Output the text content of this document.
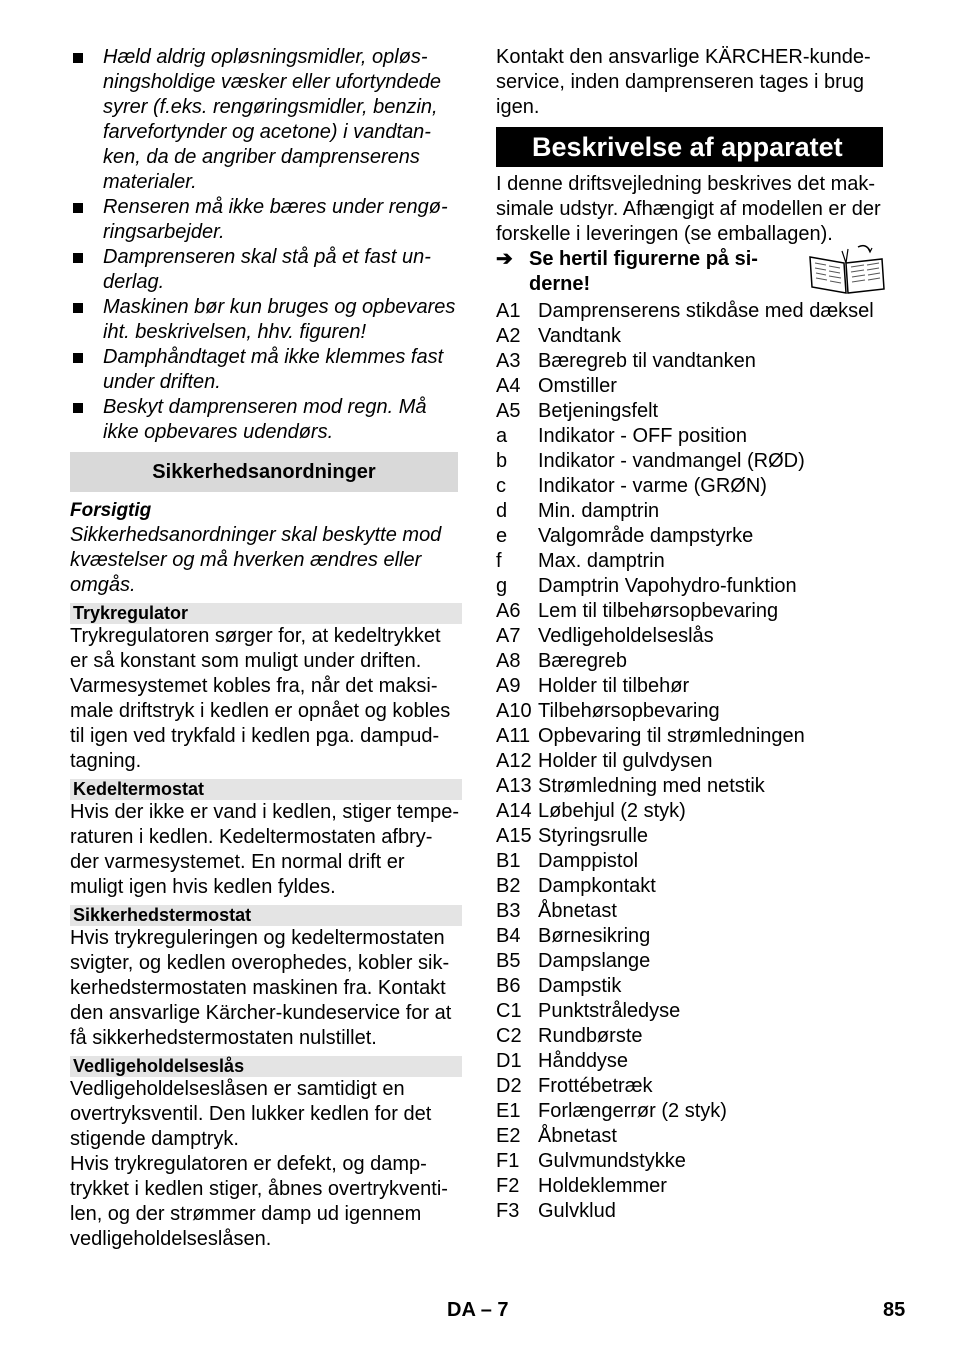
Hæld aldrig opløsningsmidler, opløs-
ningsholdige væsker eller ufortyndede
syrer (f.eks. rengøringsmidler, benzin,
farvefortynder og acetone) i vandtan-
ken, da de angriber damprenserens
materialer.
Renseren må ikke bæres under rengø-
ringsarbejder.
Damprenseren skal stå på et fast un-
derlag.
Maskinen bør kun bruges og opbevares
iht. beskrivelsen, hhv. figuren!
Damphåndtaget må ikke klemmes fast
under driften.
Beskyt damprenseren mod regn. Må
ikke opbevares udendørs.
Sikkerhedsanordninger
Forsigtig
Sikkerhedsanordninger skal beskytte mod
kvæstelser og må hverken ændres eller
omgås.
Trykregulator
Trykregulatoren sørger for, at kedeltrykket
er så konstant som muligt under driften.
Varmesystemet kobles fra, når det maksi-
male driftstryk i kedlen er opnået og kobles
til igen ved trykfald i kedlen pga. dampud-
tagning.
Kedeltermostat
Hvis der ikke er vand i kedlen, stiger tempe-
raturen i kedlen. Kedeltermostaten afbry-
der varmesystemet. En normal drift er
muligt igen hvis kedlen fyldes.
Sikkerhedstermostat
Hvis trykreguleringen og kedeltermostaten
svigter, og kedlen overophedes, kobler sik-
kerhedstermostaten maskinen fra. Kontakt
den ansvarlige Kärcher-kundeservice for at
få sikkerhedstermostaten nulstillet.
Vedligeholdelseslås
Vedligeholdelseslåsen er samtidigt en
overtryksventil. Den lukker kedlen for det
stigende damptryk.
Hvis trykregulatoren er defekt, og damp-
trykket i kedlen stiger, åbnes overtrykventi-
len, og der strømmer damp ud igennem
vedligeholdelseslåsen.
Kontakt den ansvarlige KÄRCHER-kunde-
service, inden damprenseren tages i brug
igen.
Beskrivelse af apparatet
I denne driftsvejledning beskrives det mak-
simale udstyr. Afhængigt af modellen er der
forskelle i leveringen (se emballagen).
➔ Se hertil figurerne på si-
derne!
A1 Damprenserens stikdåse med dæksel
A2 Vandtank
A3 Bæregreb til vandtanken
A4 Omstiller
A5 Betjeningsfelt
a	Indikator - OFF position
b	Indikator - vandmangel (RØD)
c	Indikator - varme (GRØN)
d	Min. damptrin
e	Valgområde dampstyrke
f	Max. damptrin
g	Damptrin Vapohydro-funktion
A6 Lem til tilbehørsopbevaring
A7 Vedligeholdelseslås
A8 Bæregreb
A9 Holder til tilbehør
A10 Tilbehørsopbevaring
A11 Opbevaring til strømledningen
A12 Holder til gulvdysen
A13 Strømledning med netstik
A14 Løbehjul (2 styk)
A15 Styringsrulle
B1 Damppistol
B2 Dampkontakt
B3 Åbnetast
B4 Børnesikring
B5 Dampslange
B6 Dampstik
C1 Punktstråledyse
C2 Rundbørste
D1 Hånddyse
D2 Frottébetræk
E1 Forlængerrør (2 styk)
E2 Åbnetast
F1 Gulvmundstykke
F2 Holdeklemmer
F3 Gulvklud
DA – 7	85
